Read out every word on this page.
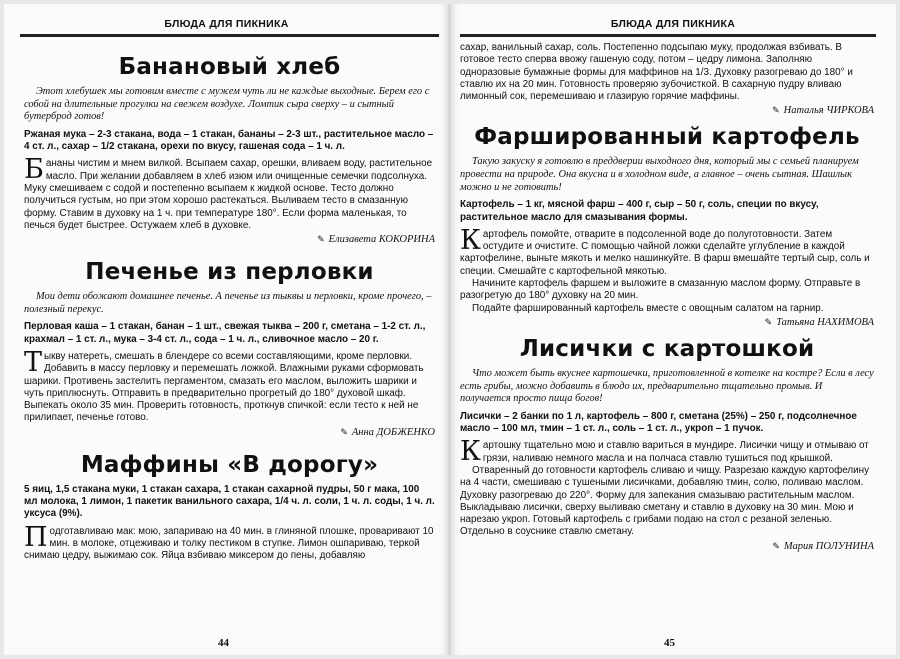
БЛЮДА ДЛЯ ПИКНИКА
Банановый хлеб
Этот хлебушек мы готовим вместе с мужем чуть ли не каждые выходные. Берем его с собой на длительные прогулки на свежем воздухе. Ломтик сыра сверху – и сытный бутерброд готов!
Ржаная мука – 2-3 стакана, вода – 1 стакан, бананы – 2-3 шт., растительное масло – 4 ст. л., сахар – 1/2 стакана, орехи по вкусу, гашеная сода – 1 ч. л.

Бананы чистим и мнем вилкой. Всыпаем сахар, орешки, вливаем воду, растительное масло. При желании добавляем в хлеб изюм или очищенные семечки подсолнуха. Муку смешиваем с содой и постепенно всыпаем к жидкой основе. Тесто должно получиться густым, но при этом хорошо растекаться. Выливаем тесто в смазанную форму. Ставим в духовку на 1 ч. при температуре 180°. Если форма маленькая, то печься будет быстрее. Остужаем хлеб в духовке.

✎ Елизавета КОКОРИНА
Печенье из перловки
Мои дети обожают домашнее печенье. А печенье из тыквы и перловки, кроме прочего, – полезный перекус.
Перловая каша – 1 стакан, банан – 1 шт., свежая тыква – 200 г, сметана – 1-2 ст. л., крахмал – 1 ст. л., мука – 3-4 ст. л., сода – 1 ч. л., сливочное масло – 20 г.

Тыкву натереть, смешать в блендере со всеми составляющими, кроме перловки. Добавить в массу перловку и перемешать ложкой. Влажными руками сформовать шарики. Противень застелить пергаментом, смазать его маслом, выложить шарики и чуть приплюснуть. Отправить в предварительно прогретый до 180° духовой шкаф. Выпекать около 35 мин. Проверить готовность, проткнув спичкой: если тесто к ней не прилипает, печенье готово.

✎ Анна ДОБЖЕНКО
Маффины «В дорогу»
5 яиц, 1,5 стакана муки, 1 стакан сахара, 1 стакан сахарной пудры, 50 г мака, 100 мл молока, 1 лимон, 1 пакетик ванильного сахара, 1/4 ч. л. соли, 1 ч. л. соды, 1 ч. л. уксуса (9%).

Подготавливаю мак: мою, запариваю на 40 мин. в глиняной плошке, проваривают 10 мин. в молоке, отцеживаю и толку пестиком в ступке. Лимон ошпариваю, теркой снимаю цедру, выжимаю сок. Яйца взбиваю миксером до пены, добавляю

44
БЛЮДА ДЛЯ ПИКНИКА
сахар, ванильный сахар, соль. Постепенно подсыпаю муку, продолжая взбивать. В готовое тесто сперва ввожу гашеную соду, потом – цедру лимона. Заполняю одноразовые бумажные формы для маффинов на 1/3. Духовку разогреваю до 180° и ставлю их на 20 мин. Готовность проверяю зубочисткой. В сахарную пудру вливаю лимонный сок, перемешиваю и глазирую горячие маффины.
✎ Наталья ЧИРКОВА
Фаршированный картофель
Такую закуску я готовлю в преддверии выходного дня, который мы с семьей планируем провести на природе. Она вкусна и в холодном виде, а главное – очень сытная. Шашлык можно и не готовить!
Картофель – 1 кг, мясной фарш – 400 г, сыр – 50 г, соль, специи по вкусу, растительное масло для смазывания формы.

Картофель помойте, отварите в подсоленной воде до полуготовности. Затем остудите и очистите. С помощью чайной ложки сделайте углубление в каждой картофелине, выньте мякоть и мелко нашинкуйте. В фарш вмешайте тертый сыр, соль и специи. Смешайте с картофельной мякотью.

Начините картофель фаршем и выложите в смазанную маслом форму. Отправьте в разогретую до 180° духовку на 20 мин.

Подайте фаршированный картофель вместе с овощным салатом на гарнир.

✎ Татьяна НАХИМОВА
Лисички с картошкой
Что может быть вкуснее картошечки, приготовленной в котелке на костре? Если в лесу есть грибы, можно добавить в блюдо их, предварительно тщательно промыв. И получается просто пища богов!
Лисички – 2 банки по 1 л, картофель – 800 г, сметана (25%) – 250 г, подсолнечное масло – 100 мл, тмин – 1 ст. л., соль – 1 ст. л., укроп – 1 пучок.

Картошку тщательно мою и ставлю вариться в мундире. Лисички чищу и отмываю от грязи, наливаю немного масла и на полчаса ставлю тушиться под крышкой.

Отваренный до готовности картофель сливаю и чищу. Разрезаю каждую картофелину на 4 части, смешиваю с тушеными лисичками, добавляю тмин, солю, поливаю маслом. Духовку разогреваю до 220°. Форму для запекания смазываю растительным маслом. Выкладываю лисички, сверху выливаю сметану и ставлю в духовку на 30 мин. Мою и нарезаю укроп. Готовый картофель с грибами подаю на стол с резаной зеленью. Отдельно в соуснике ставлю сметану.

✎ Мария ПОЛУНИНА
45
